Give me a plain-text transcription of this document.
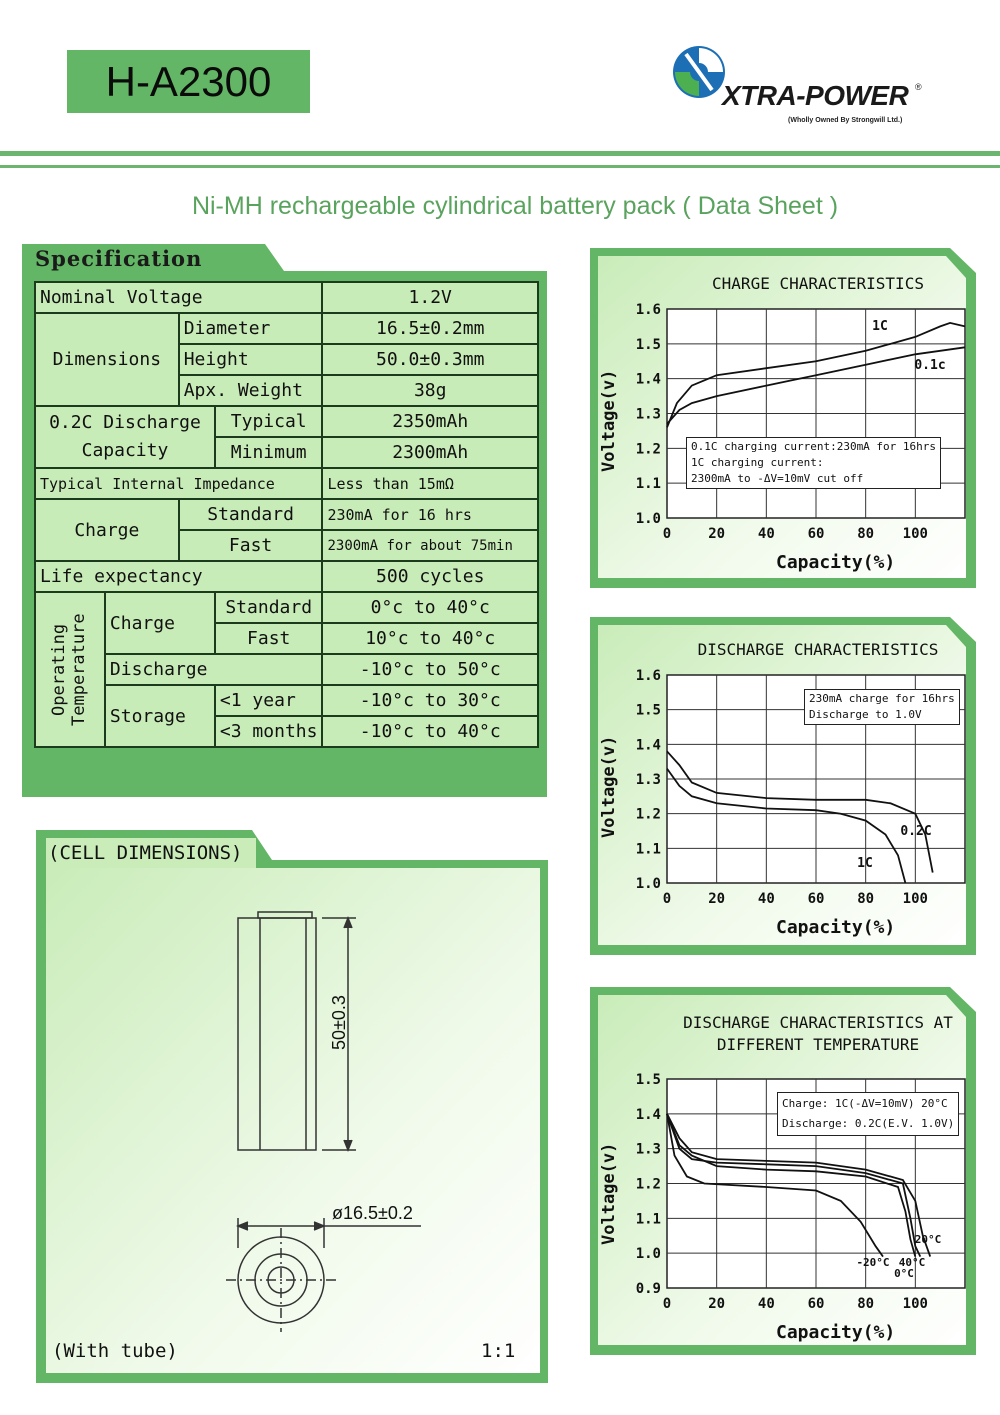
H-A2300	XTRA-POWER ®
(Wholly Owned By Strongwill Ltd.)
Ni-MH rechargeable cylindrical battery pack ( Data Sheet )
Specification
Nominal Voltage				1.2V
Dimensions		Diameter		16.5±0.2mm
		Height		50.0±0.3mm
		Apx. Weight		38g
0.2C Discharge Capacity			Typical	2350mAh
			Minimum	2300mAh
Typical Internal Impedance				Less than 15mΩ
Charge		Standard		230mA for 16 hrs
		Fast		2300mA for about 75min
Life expectancy				500 cycles

Operating Temperature	Charge		Standard	0°c to 40°c
			Fast	10°c to 40°c
	Discharge			-10°c to 50°c
	Storage		<1 year	-10°c to 30°c
			<3 months	-10°c to 40°c
50±0.3
ø16.5±0.2
(CELL DIMENSIONS)
(With tube)	1:1
1.0
1.1
1.2
1.3
1.4
1.5
1.6
0	20 40 60 80 100
1C
0.1c
CHARGE CHARACTERISTICS
Voltage(v)
Capacity(%)
0.1C charging current:230mA for 16hrs
1C charging current:
2300mA to -ΔV=10mV cut off
1.0
1.1
1.2
1.3
1.4
1.5
1.6
0	20 40 60 80 100
0.2C
1C
DISCHARGE CHARACTERISTICS
Voltage(v)
Capacity(%)
230mA charge for 16hrs
Discharge to 1.0V
0.9
1.0
1.1
1.2
1.3
1.4
1.5
0	20 40 60 80 100
20°C
40°C
0°C
-20°C
DISCHARGE CHARACTERISTICS AT DIFFERENT TEMPERATURE
Voltage(v)
Capacity(%)
Charge: 1C(-ΔV=10mV) 20°C
Discharge: 0.2C(E.V. 1.0V)
